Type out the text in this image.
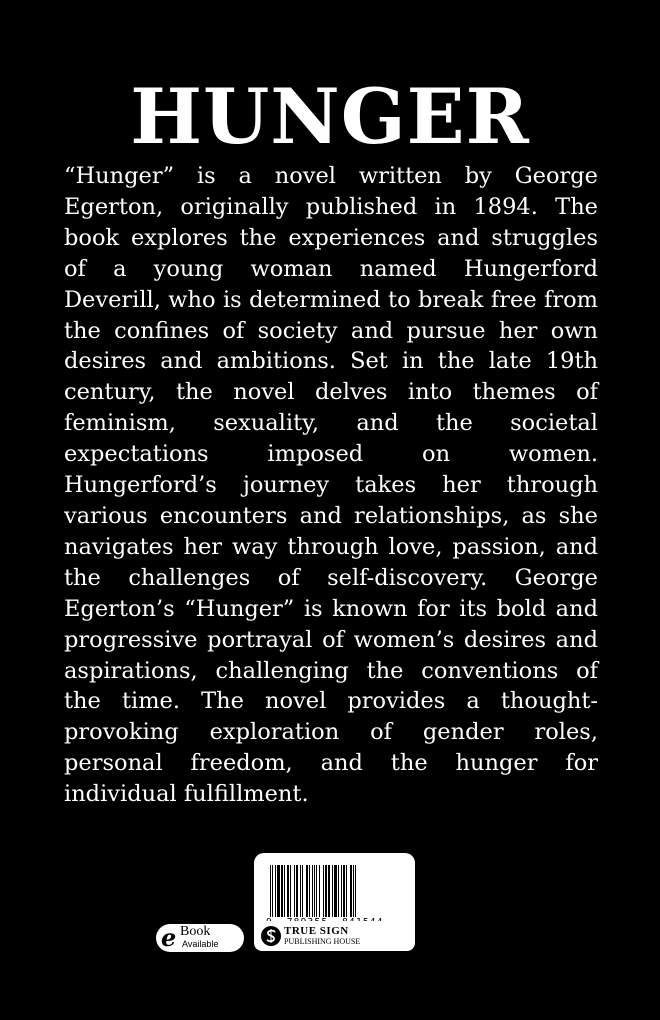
HUNGER

“Hunger” is a novel written by George Egerton, originally published in 1894. The book explores the experiences and struggles of a young woman named Hungerford Deverill, who is determined to break free from the confines of society and pursue her own desires and ambitions. Set in the late 19th century, the novel delves into themes of feminism, sexuality, and the societal expectations imposed on women. Hungerford’s journey takes her through various encounters and relationships, as she navigates her way through love, passion, and the challenges of self-discovery. George Egerton’s “Hunger” is known for its bold and progressive portrayal of women’s desires and aspirations, challenging the conventions of the time. The novel provides a thought-provoking exploration of gender roles, personal freedom, and the hunger for individual fulfillment.

e Book
Available
TRUE SIGN
PUBLISHING HOUSE
